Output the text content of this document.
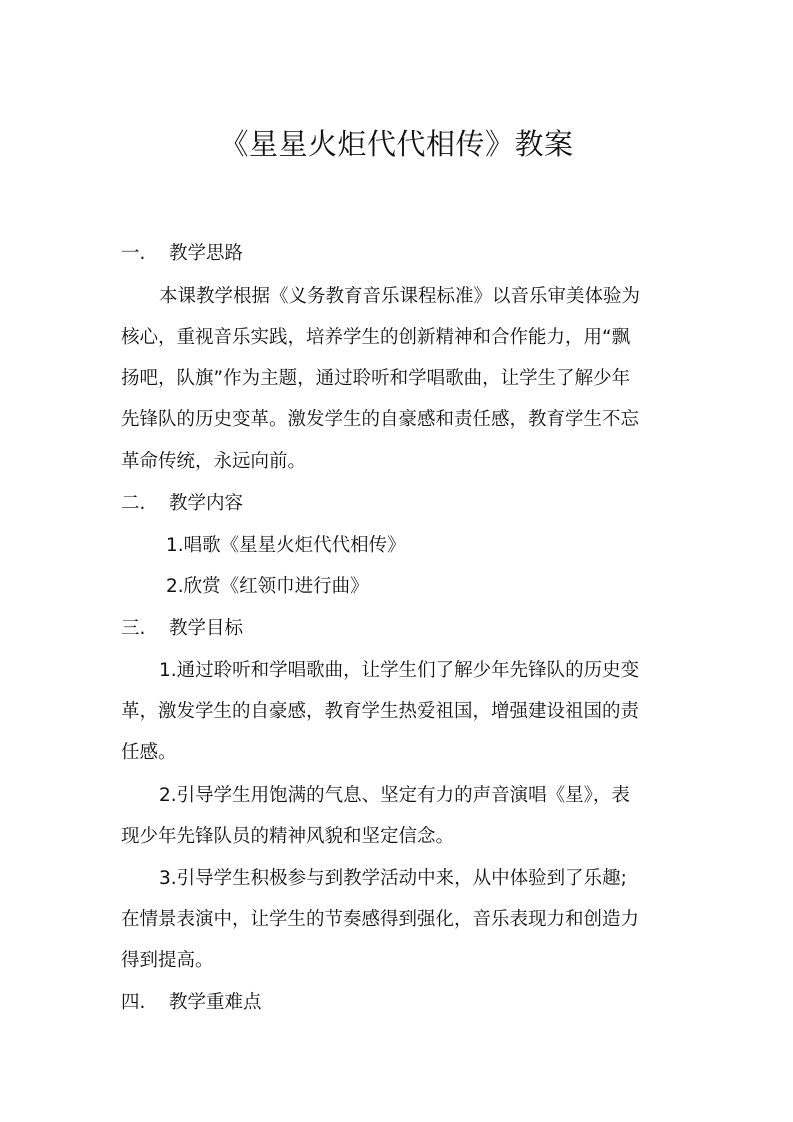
《星星火炬代代相传》教案
一. 教学思路
本课教学根据《义务教育音乐课程标准》以音乐审美体验为
核心，重视音乐实践，培养学生的创新精神和合作能力，用“飘
扬吧，队旗”作为主题，通过聆听和学唱歌曲，让学生了解少年
先锋队的历史变革。激发学生的自豪感和责任感，教育学生不忘
革命传统，永远向前。
二. 教学内容
1.唱歌《星星火炬代代相传》
2.欣赏《红领巾进行曲》
三. 教学目标
1.通过聆听和学唱歌曲，让学生们了解少年先锋队的历史变
革，激发学生的自豪感，教育学生热爱祖国，增强建设祖国的责
任感。
2.引导学生用饱满的气息、坚定有力的声音演唱《星》，表
现少年先锋队员的精神风貌和坚定信念。
3.引导学生积极参与到教学活动中来，从中体验到了乐趣;
在情景表演中，让学生的节奏感得到强化，音乐表现力和创造力
得到提高。
四. 教学重难点
